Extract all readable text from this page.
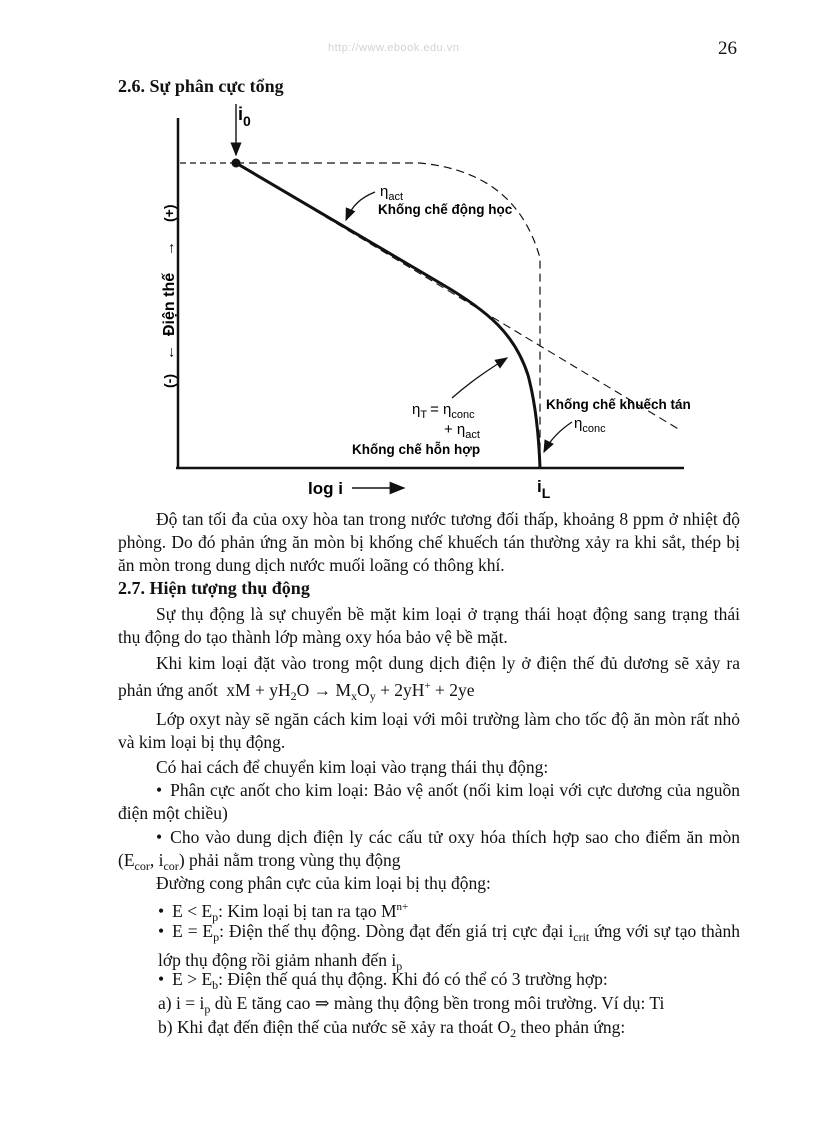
http://www.ebook.edu.vn	26
2.6. Sự phân cực tổng
$i_0$
(-)
←
Điện thế
→
(+)
$\eta_{act}$
Khống chế động học
$\eta_T = \eta_{conc}$
+ $\eta_{act}$
Khống chế hỗn hợp
Khống chế khuếch tán
$\eta_{conc}$
log i	$i_L$
Độ tan tối đa của oxy hòa tan trong nước tương đối thấp, khoảng 8 ppm ở nhiệt độ phòng. Do đó phản ứng ăn mòn bị khống chế khuếch tán thường xảy ra khi sắt, thép bị ăn mòn trong dung dịch nước muối loãng có thông khí.
2.7. Hiện tượng thụ động
Sự thụ động là sự chuyển bề mặt kim loại ở trạng thái hoạt động sang trạng thái thụ động do tạo thành lớp màng oxy hóa bảo vệ bề mặt.
Khi kim loại đặt vào trong một dung dịch điện ly ở điện thế đủ dương sẽ xảy ra phản ứng anốt xM + $yH_2O \to M_xO_y + 2yH^+ + 2ye$
Lớp oxyt này sẽ ngăn cách kim loại với môi trường làm cho tốc độ ăn mòn rất nhỏ và kim loại bị thụ động.
Có hai cách để chuyển kim loại vào trạng thái thụ động:
• Phân cực anốt cho kim loại: Bảo vệ anốt (nối kim loại với cực dương của nguồn điện một chiều)
• Cho vào dung dịch điện ly các cấu tử oxy hóa thích hợp sao cho điểm ăn mòn ($E_{cor}$, $i_{cor}$) phải nằm trong vùng thụ động
Đường cong phân cực của kim loại bị thụ động:
• $E < E_p$: Kim loại bị tan ra tạo $M^{n+}$
• $E = E_p$: Điện thế thụ động. Dòng đạt đến giá trị cực đại $i_{crit}$ ứng với sự tạo thành lớp thụ động rồi giảm nhanh đến $i_p$
• $E > E_b$: Điện thế quá thụ động. Khi đó có thể có 3 trường hợp:
a) $i = i_p$ dù E tăng cao ⇒ màng thụ động bền trong môi trường. Ví dụ: Ti
b) Khi đạt đến điện thế của nước sẽ xảy ra thoát $O_2$ theo phản ứng:
